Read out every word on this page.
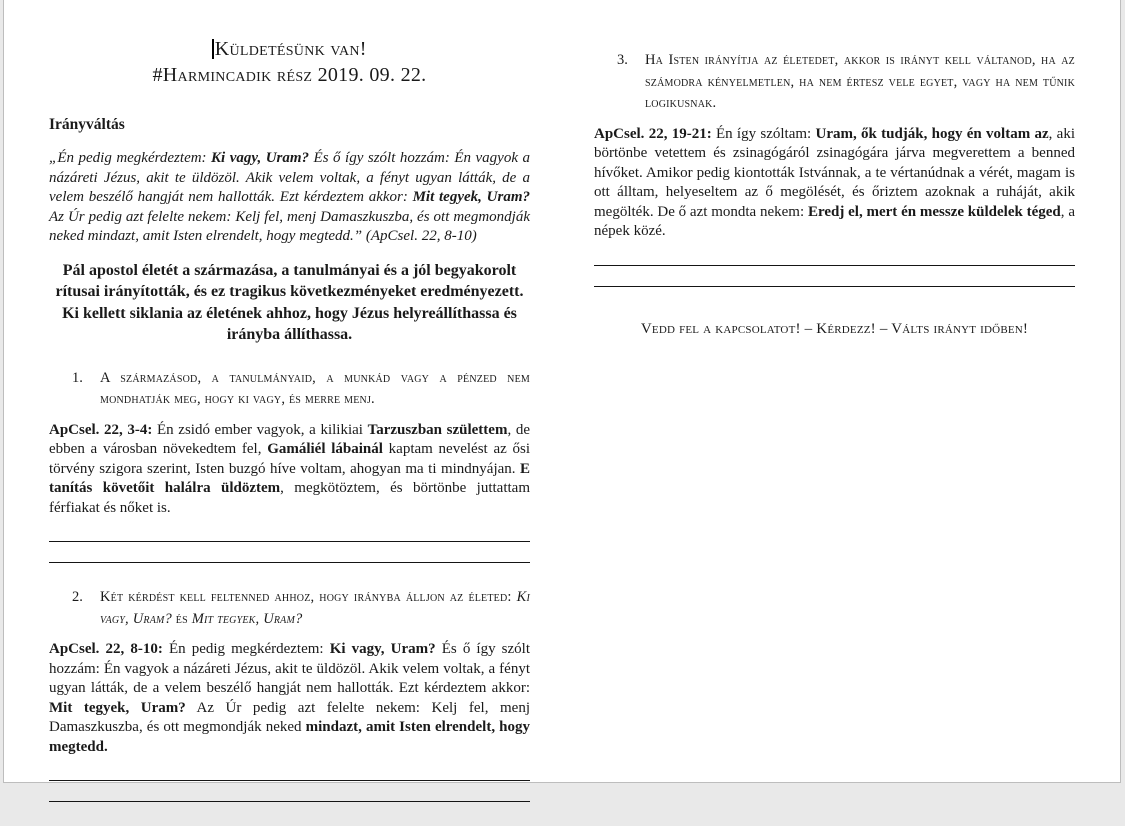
Küldetésünk van!
#Harmincadik rész 2019. 09. 22.

Irányváltás

„Én pedig megkérdeztem: Ki vagy, Uram? És ő így szólt hozzám: Én vagyok a názáreti Jézus, akit te üldözöl. Akik velem voltak, a fényt ugyan látták, de a velem beszélő hangját nem hallották. Ezt kérdeztem akkor: Mit tegyek, Uram? Az Úr pedig azt felelte nekem: Kelj fel, menj Damaszkuszba, és ott megmondják neked mindazt, amit Isten elrendelt, hogy megtedd.” (ApCsel. 22, 8-10)

Pál apostol életét a származása, a tanulmányai és a jól begyakorolt rítusai irányították, és ez tragikus következményeket eredményezett. Ki kellett siklania az életének ahhoz, hogy Jézus helyreállíthassa és irányba állíthassa.

1.	A származásod, a tanulmányaid, a munkád vagy a pénzed nem mondhatják meg, hogy ki vagy, és merre menj.

ApCsel. 22, 3-4: Én zsidó ember vagyok, a kilikiai Tarzuszban születtem, de ebben a városban növekedtem fel, Gamáliél lábainál kaptam nevelést az ősi törvény szigora szerint, Isten buzgó híve voltam, ahogyan ma ti mindnyájan. E tanítás követőit halálra üldöztem, megkötöztem, és börtönbe juttattam férfiakat és nőket is.

2.	Két kérdést kell feltenned ahhoz, hogy irányba álljon az életed: Ki vagy, Uram? és Mit tegyek, Uram?

ApCsel. 22, 8-10: Én pedig megkérdeztem: Ki vagy, Uram? És ő így szólt hozzám: Én vagyok a názáreti Jézus, akit te üldözöl. Akik velem voltak, a fényt ugyan látták, de a velem beszélő hangját nem hallották. Ezt kérdeztem akkor: Mit tegyek, Uram? Az Úr pedig azt felelte nekem: Kelj fel, menj Damaszkuszba, és ott megmondják neked mindazt, amit Isten elrendelt, hogy megtedd.

3.	Ha Isten irányítja az életedet, akkor is irányt kell váltanod, ha az számodra kényelmetlen, ha nem értesz vele egyet, vagy ha nem tűnik logikusnak.

ApCsel. 22, 19-21: Én így szóltam: Uram, ők tudják, hogy én voltam az, aki börtönbe vetettem és zsinagógáról zsinagógára járva megverettem a benned hívőket. Amikor pedig kiontották Istvánnak, a te vértanúdnak a vérét, magam is ott álltam, helyeseltem az ő megölését, és őriztem azoknak a ruháját, akik megölték. De ő azt mondta nekem: Eredj el, mert én messze küldelek téged, a népek közé.

Vedd fel a kapcsolatot! – Kérdezz! – Válts irányt időben!
